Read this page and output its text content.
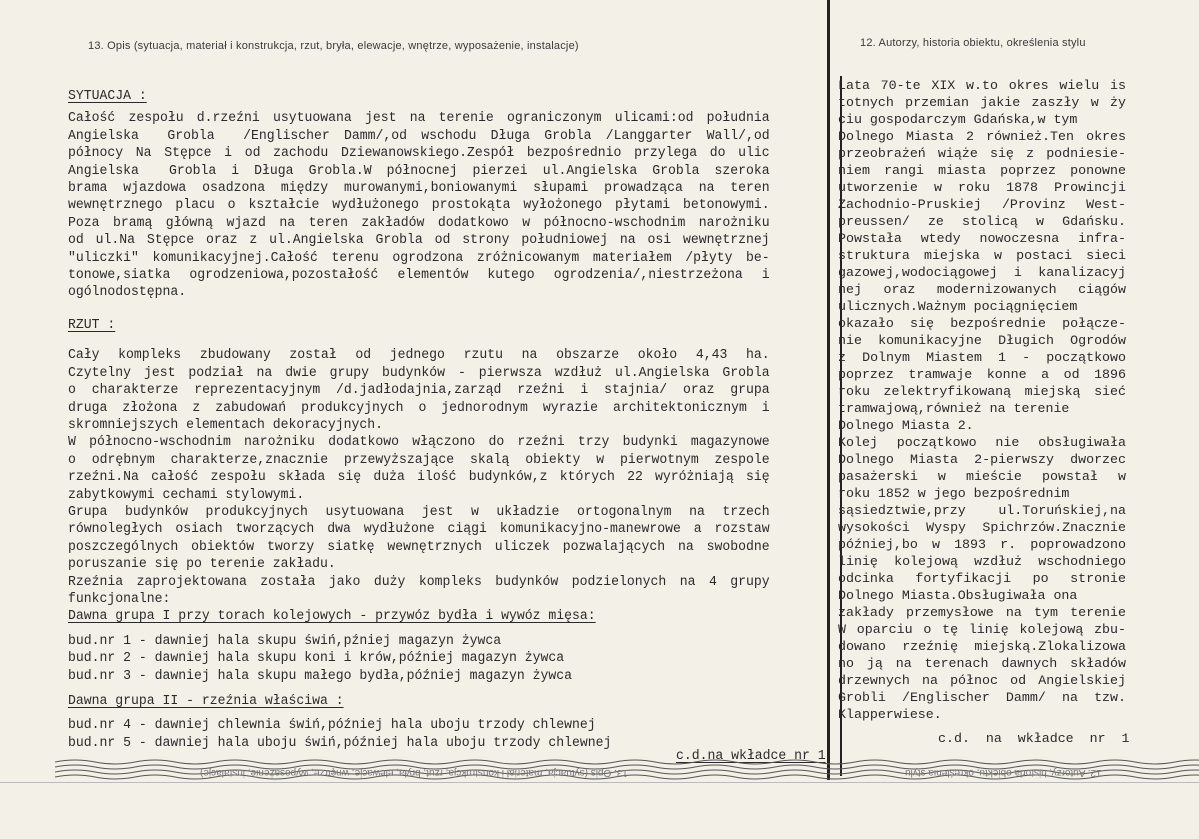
13. Opis (sytuacja, materiał i konstrukcja, rzut, bryła, elewacje, wnętrze, wyposażenie, instalacje)	12. Autorzy, historia obiektu, określenia stylu
SYTUACJA :
Całość zespołu d.rzeźni usytuowana jest na terenie ograniczonym ulicami:od południa
Angielska  Grobla  /Englischer Damm/,od wschodu Długa Grobla /Langgarter Wall/,od
północy Na Stępce i od zachodu Dziewanowskiego.Zespół bezpośrednio przylega do ulic
Angielska  Grobla i Długa Grobla.W północnej pierzei ul.Angielska Grobla szeroka
brama wjazdowa osadzona między murowanymi,boniowanymi słupami prowadząca na teren
wewnętrznego placu o kształcie wydłużonego prostokąta wyłożonego płytami betonowymi.
Poza bramą główną wjazd na teren zakładów dodatkowo w północno-wschodnim narożniku
od ul.Na Stępce oraz z ul.Angielska Grobla od strony południowej na osi wewnętrznej
"uliczki" komunikacyjnej.Całość terenu ogrodzona zróżnicowanym materiałem /płyty be-
tonowe,siatka ogrodzeniowa,pozostałość elementów kutego ogrodzenia/,niestrzeżona i
ogólnodostępna.
RZUT :
Cały kompleks zbudowany został od jednego rzutu na obszarze około 4,43 ha.
Czytelny jest podział na dwie grupy budynków - pierwsza wzdłuż ul.Angielska Grobla
o charakterze reprezentacyjnym /d.jadłodajnia,zarząd rzeźni i stajnia/ oraz grupa
druga złożona z zabudowań produkcyjnych o jednorodnym wyrazie architektonicznym i
skromniejszych elementach dekoracyjnych.
W północno-wschodnim narożniku dodatkowo włączono do rzeźni trzy budynki magazynowe
o odrębnym charakterze,znacznie przewyższające skalą obiekty w pierwotnym zespole
rzeźni.Na całość zespołu składa się duża ilość budynków,z których 22 wyróżniają się
zabytkowymi cechami stylowymi.
Grupa budynków produkcyjnych usytuowana jest w układzie ortogonalnym na trzech
równoległych osiach tworzących dwa wydłużone ciągi komunikacyjno-manewrowe a rozstaw
poszczególnych obiektów tworzy siatkę wewnętrznych uliczek pozwalających na swobodne
poruszanie się po terenie zakładu.
Rzeźnia zaprojektowana została jako duży kompleks budynków podzielonych na 4 grupy
funkcjonalne:
Dawna grupa I przy torach kolejowych - przywóz bydła i wywóz mięsa:
bud.nr 1 - dawniej hala skupu świń,pźniej magazyn żywca
bud.nr 2 - dawniej hala skupu koni i krów,później magazyn żywca
bud.nr 3 - dawniej hala skupu małego bydła,później magazyn żywca
Dawna grupa II - rzeźnia właściwa :
bud.nr 4 - dawniej chlewnia świń,później hala uboju trzody chlewnej
bud.nr 5 - dawniej hala uboju świń,później hala uboju trzody chlewnej
c.d.na wkładce nr 1
Lata 70-te XIX w.to okres wielu is
totnych przemian jakie zaszły w ży
ciu gospodarczym Gdańska,w tym
Dolnego Miasta 2 również.Ten okres
przeobrażeń wiąże się z podniesie-
niem rangi miasta poprzez ponowne
utworzenie w roku 1878 Prowincji
Zachodnio-Pruskiej /Provinz West-
preussen/ ze stolicą w Gdańsku.
Powstała wtedy nowoczesna infra-
struktura miejska w postaci sieci
gazowej,wodociągowej i kanalizacyj
nej oraz modernizowanych ciągów
ulicznych.Ważnym pociągnięciem
okazało się bezpośrednie połącze-
nie komunikacyjne Długich Ogrodów
z Dolnym Miastem 1 - początkowo
poprzez tramwaje konne a od 1896
roku zelektryfikowaną miejską sieć
tramwajową,również na terenie
Dolnego Miasta 2.
Kolej początkowo nie obsługiwała
Dolnego Miasta 2-pierwszy dworzec
pasażerski w mieście powstał w
roku 1852 w jego bezpośrednim
sąsiedztwie,przy ul.Toruńskiej,na
wysokości Wyspy Spichrzów.Znacznie
później,bo w 1893 r. poprowadzono
linię kolejową wzdłuż wschodniego
odcinka fortyfikacji po stronie
Dolnego Miasta.Obsługiwała ona
zakłady przemysłowe na tym terenie
W oparciu o tę linię kolejową zbu-
dowano rzeźnię miejską.Zlokalizowa
no ją na terenach dawnych składów
drzewnych na północ od Angielskiej
Grobli /Englischer Damm/ na tzw.
Klapperwiese.
c.d.  na  wkładce  nr  1
13. Opis (sytuacja, materiał i konstrukcja, rzut, bryła, elewacje, wnętrze, wyposażenie, instalacje)	12. Autorzy, historia obiektu, określenia stylu
